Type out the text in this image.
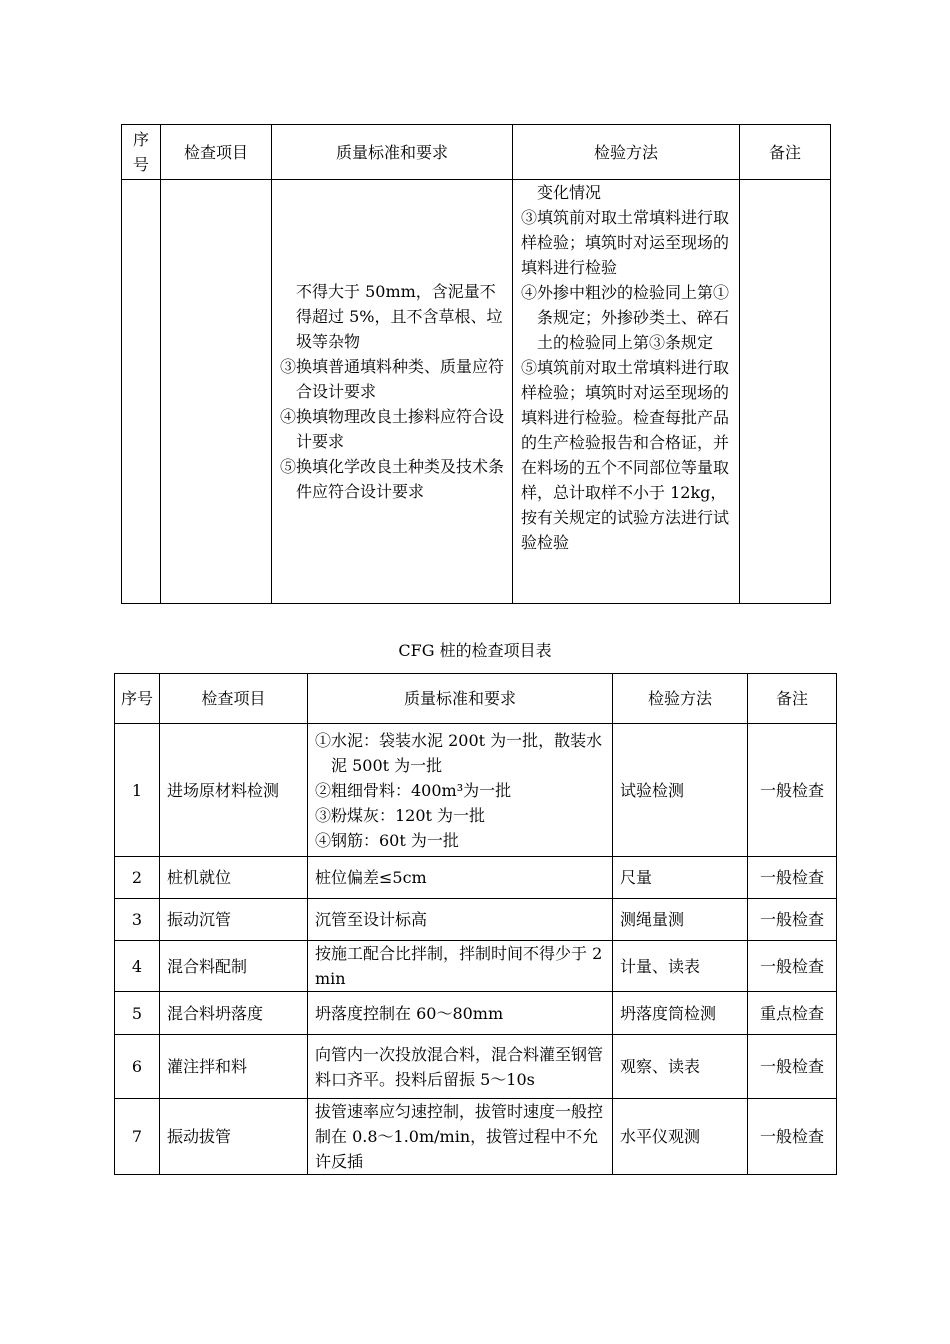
序号	检查项目	质量标准和要求	检验方法	备注

		不得大于 50mm，含泥量不得超过 5%，且不含草根、垃圾等杂物
③换填普通填料种类、质量应符合设计要求
④换填物理改良土掺料应符合设计要求
⑤换填化学改良土种类及技术条件应符合设计要求	变化情况
③填筑前对取土常填料进行取样检验；填筑时对运至现场的填料进行检验
④外掺中粗沙的检验同上第①条规定；外掺砂类土、碎石土的检验同上第③条规定
⑤填筑前对取土常填料进行取样检验；填筑时对运至现场的填料进行检验。检查每批产品的生产检验报告和合格证，并在料场的五个不同部位等量取样，总计取样不小于 12kg，按有关规定的试验方法进行试验检验	

CFG 桩的检查项目表
序号	检查项目	质量标准和要求	检验方法	备注
1	进场原材料检测	①水泥：袋装水泥 200t 为一批，散装水泥 500t 为一批
②粗细骨料：400m³为一批
③粉煤灰：120t 为一批
④钢筋：60t 为一批	试验检测	一般检查
2	桩机就位	桩位偏差≤5cm	尺量	一般检查
3	振动沉管	沉管至设计标高	测绳量测	一般检查
4	混合料配制	按施工配合比拌制，拌制时间不得少于 2min	计量、读表	一般检查
5	混合料坍落度	坍落度控制在 60～80mm	坍落度筒检测	重点检查
6	灌注拌和料	向管内一次投放混合料，混合料灌至钢管料口齐平。投料后留振 5～10s	观察、读表	一般检查
7	振动拔管	拔管速率应匀速控制，拔管时速度一般控制在 0.8～1.0m/min，拔管过程中不允许反插	水平仪观测	一般检查
